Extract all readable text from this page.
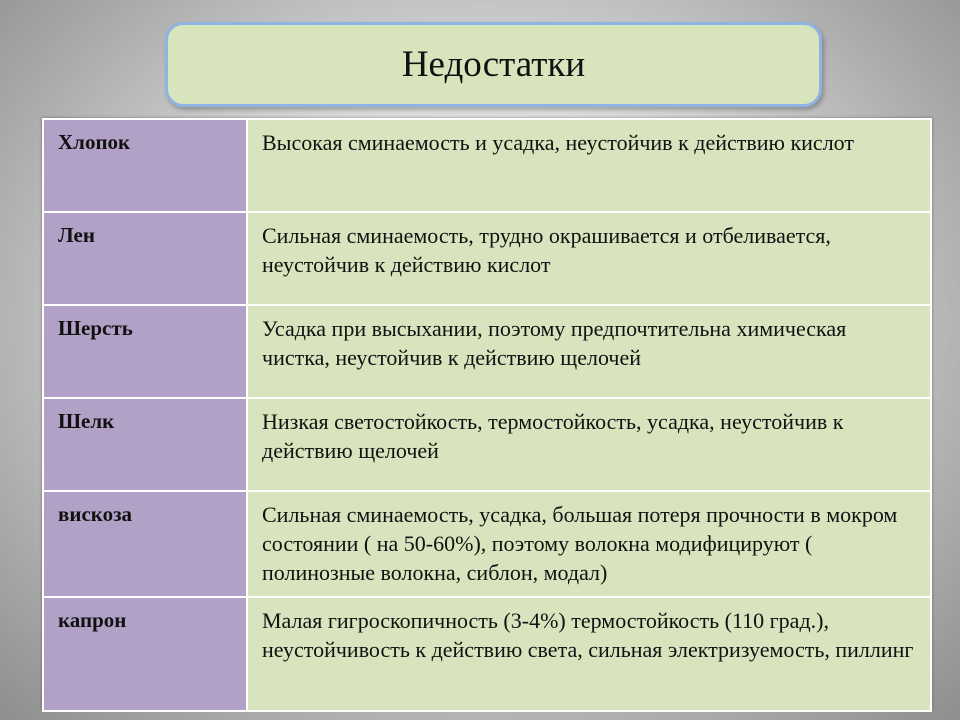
Недостатки
Хлопок	Высокая сминаемость и усадка, неустойчив к действию кислот
Лен	Сильная сминаемость, трудно окрашивается и отбеливается, неустойчив к действию кислот
Шерсть	Усадка при высыхании, поэтому предпочтительна химическая чистка, неустойчив к действию щелочей
Шелк	Низкая светостойкость, термостойкость, усадка, неустойчив к действию щелочей
вискоза	Сильная сминаемость, усадка, большая потеря прочности в мокром состоянии ( на 50-60%), поэтому волокна модифицируют ( полинозные волокна, сиблон, модал)
капрон	Малая гигроскопичность (3-4%) термостойкость (110 град.), неустойчивость к действию света, сильная электризуемость, пиллинг
